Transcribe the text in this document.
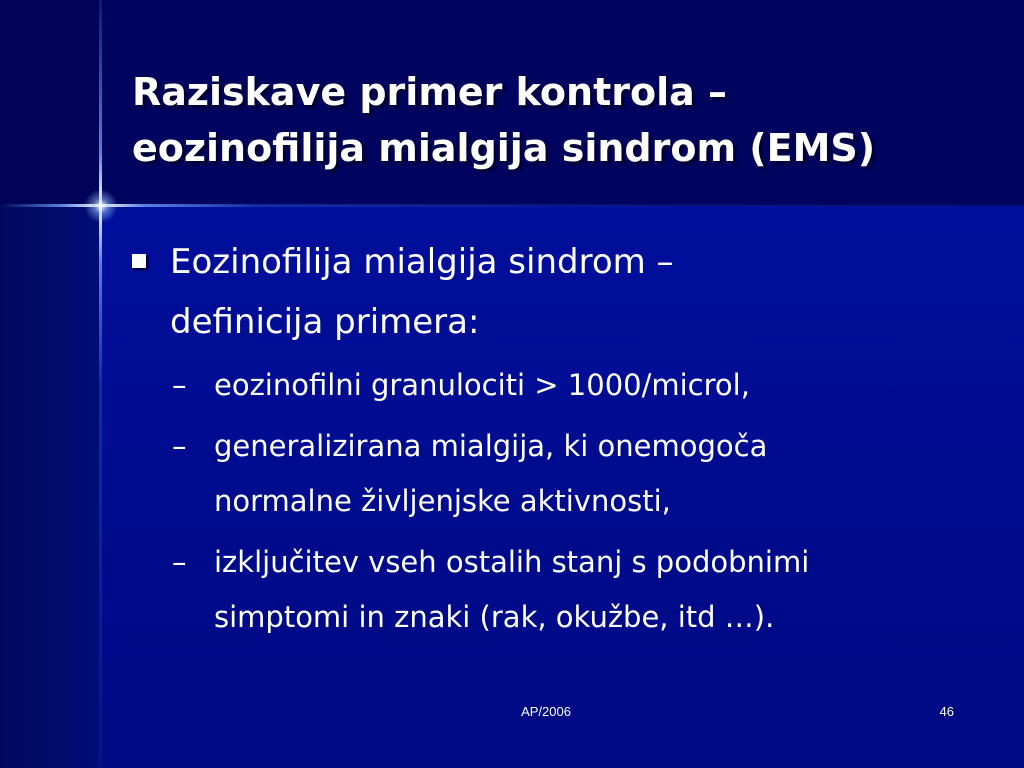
Raziskave primer kontrola –
eozinofilija mialgija sindrom (EMS)
Eozinofilija mialgija sindrom –
definicija primera:
– eozinofilni granulociti > 1000/microl,
– generalizirana mialgija, ki onemogoča
normalne življenjske aktivnosti,
– izključitev vseh ostalih stanj s podobnimi
simptomi in znaki (rak, okužbe, itd …).
AP/2006	46
